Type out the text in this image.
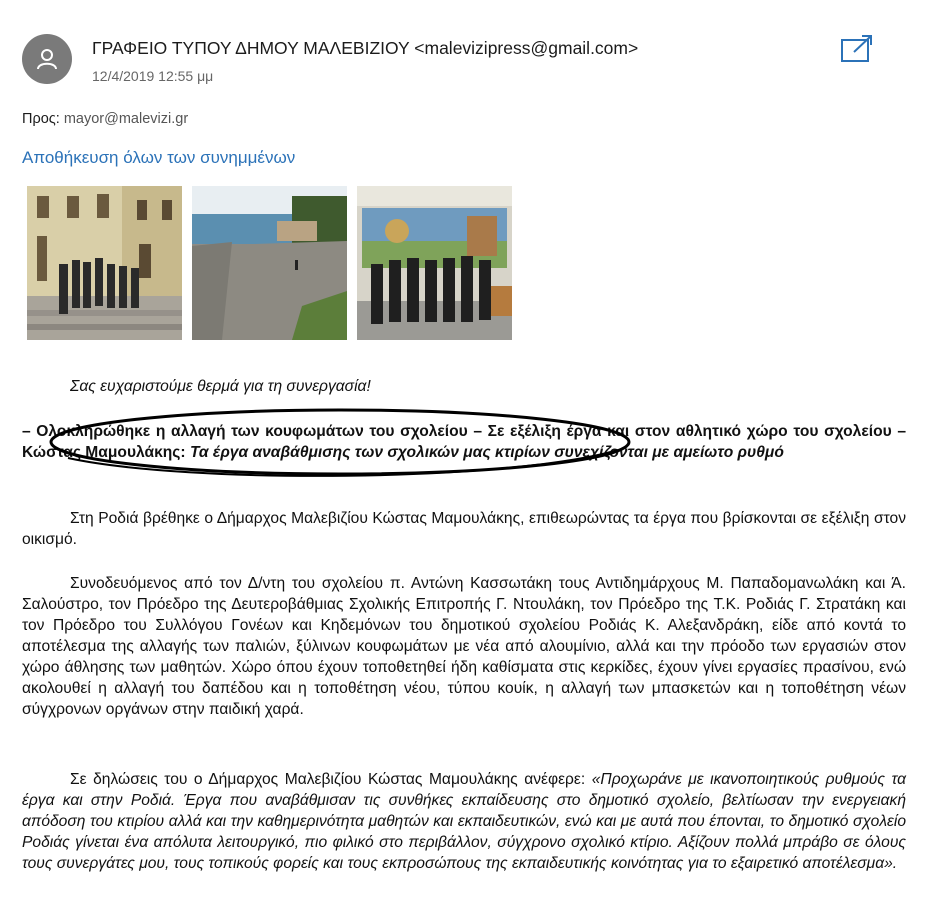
ΓΡΑΦΕΙΟ ΤΥΠΟΥ ΔΗΜΟΥ ΜΑΛΕΒΙΖΙΟΥ <malevizipress@gmail.com>
12/4/2019 12:55 μμ
Προς: mayor@malevizi.gr
Αποθήκευση όλων των συνημμένων
Σας ευχαριστούμε θερμά για τη συνεργασία!
– Ολοκληρώθηκε η αλλαγή των κουφωμάτων του σχολείου – Σε εξέλιξη έργα και στον αθλητικό χώρο του σχολείου – Κώστας Μαμουλάκης: Τα έργα αναβάθμισης των σχολικών μας κτιρίων συνεχίζονται με αμείωτο ρυθμό
Στη Ροδιά βρέθηκε ο Δήμαρχος Μαλεβιζίου Κώστας Μαμουλάκης, επιθεωρώντας τα έργα που βρίσκονται σε εξέλιξη στον οικισμό.
Συνοδευόμενος από τον Δ/ντη του σχολείου π. Αντώνη Κασσωτάκη τους Αντιδημάρχους Μ. Παπαδομανωλάκη και Ά. Σαλούστρο, τον Πρόεδρο της Δευτεροβάθμιας Σχολικής Επιτροπής Γ. Ντουλάκη, τον Πρόεδρο της Τ.Κ. Ροδιάς Γ. Στρατάκη και τον Πρόεδρο του Συλλόγου Γονέων και Κηδεμόνων του δημοτικού σχολείου Ροδιάς Κ. Αλεξανδράκη, είδε από κοντά το αποτέλεσμα της αλλαγής των παλιών, ξύλινων κουφωμάτων με νέα από αλουμίνιο, αλλά και την πρόοδο των εργασιών στον χώρο άθλησης των μαθητών. Χώρο όπου έχουν τοποθετηθεί ήδη καθίσματα στις κερκίδες, έχουν γίνει εργασίες πρασίνου, ενώ ακολουθεί η αλλαγή του δαπέδου και η τοποθέτηση νέου, τύπου κουίκ, η αλλαγή των μπασκετών και η τοποθέτηση νέων σύγχρονων οργάνων στην παιδική χαρά.
Σε δηλώσεις του ο Δήμαρχος Μαλεβιζίου Κώστας Μαμουλάκης ανέφερε: «Προχωράνε με ικανοποιητικούς ρυθμούς τα έργα και στην Ροδιά. Έργα που αναβάθμισαν τις συνθήκες εκπαίδευσης στο δημοτικό σχολείο, βελτίωσαν την ενεργειακή απόδοση του κτιρίου αλλά και την καθημερινότητα μαθητών και εκπαιδευτικών, ενώ και με αυτά που έπονται, το δημοτικό σχολείο Ροδιάς γίνεται ένα απόλυτα λειτουργικό, πιο φιλικό στο περιβάλλον, σύγχρονο σχολικό κτίριο. Αξίζουν πολλά μπράβο σε όλους τους συνεργάτες μου, τους τοπικούς φορείς και τους εκπροσώπους της εκπαιδευτικής κοινότητας για το εξαιρετικό αποτέλεσμα».
